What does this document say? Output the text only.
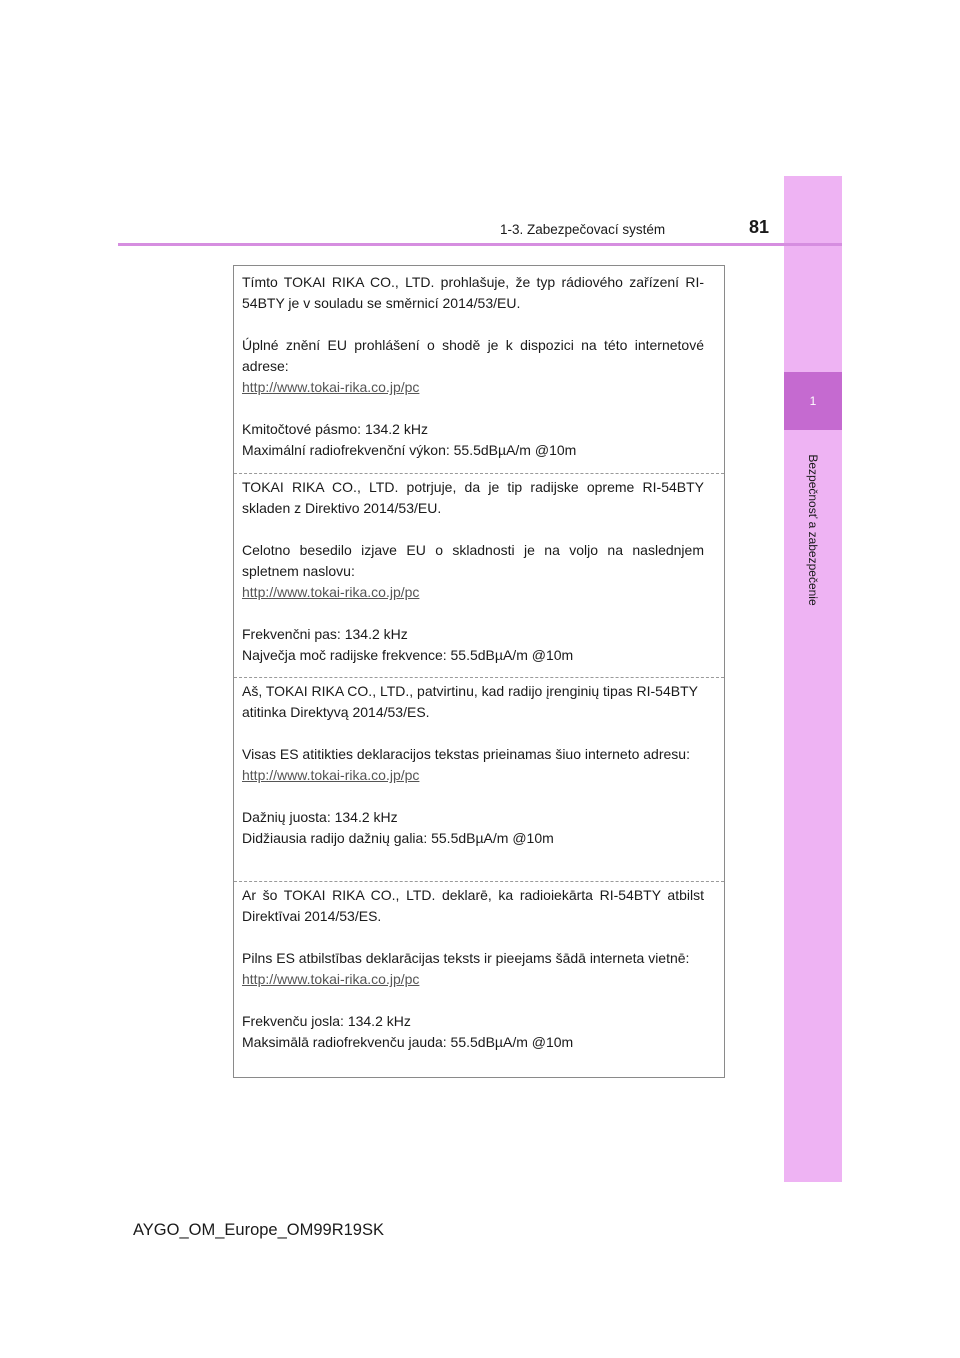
1
Bezpečnosť a zabezpečenie
1-3. Zabezpečovací systém	81

Tímto TOKAI RIKA CO., LTD. prohlašuje, že typ rádiového zařízení RI-54BTY je v souladu se směrnicí 2014/53/EU.

Úplné znění EU prohlášení o shodě je k dispozici na této internetové adrese:

http://www.tokai-rika.co.jp/pc

Kmitočtové pásmo: 134.2 kHz

Maximální radiofrekvenční výkon: 55.5dBµA/m @10m

TOKAI RIKA CO., LTD. potrjuje, da je tip radijske opreme RI-54BTY skladen z Direktivo 2014/53/EU.

Celotno besedilo izjave EU o skladnosti je na voljo na naslednjem spletnem naslovu:

http://www.tokai-rika.co.jp/pc

Frekvenčni pas: 134.2 kHz

Največja moč radijske frekvence: 55.5dBµA/m @10m

Aš, TOKAI RIKA CO., LTD., patvirtinu, kad radijo įrenginių tipas RI-54BTY atitinka Direktyvą 2014/53/ES.

Visas ES atitikties deklaracijos tekstas prieinamas šiuo interneto adresu:

http://www.tokai-rika.co.jp/pc

Dažnių juosta: 134.2 kHz

Didžiausia radijo dažnių galia: 55.5dBµA/m @10m

Ar šo TOKAI RIKA CO., LTD. deklarē, ka radioiekārta RI-54BTY atbilst Direktīvai 2014/53/ES.

Pilns ES atbilstības deklarācijas teksts ir pieejams šādā interneta vietnē:

http://www.tokai-rika.co.jp/pc

Frekvenču josla: 134.2 kHz

Maksimālā radiofrekvenču jauda: 55.5dBµA/m @10m

AYGO_OM_Europe_OM99R19SK
